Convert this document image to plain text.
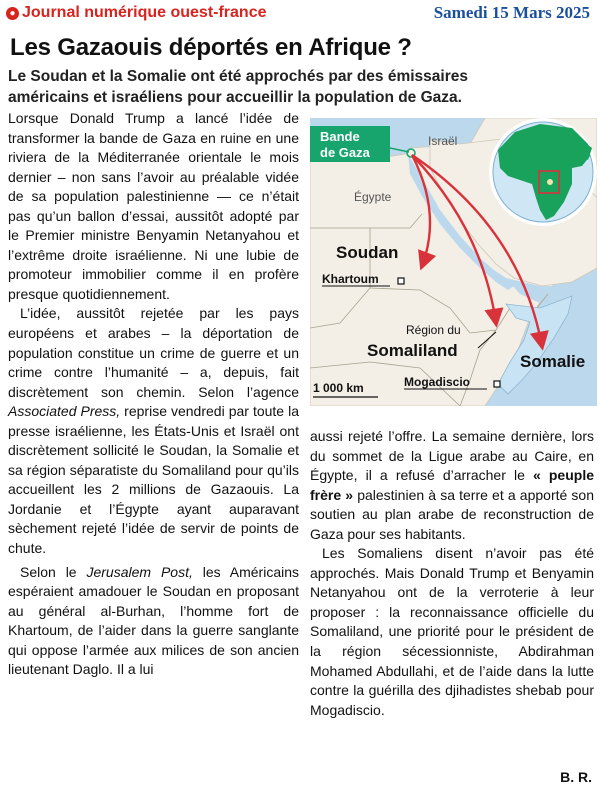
● Journal numérique ouest-france	Samedi 15 Mars 2025
Les Gazaouis déportés en Afrique ?
Le Soudan et la Somalie ont été approchés par des émissaires
américains et israéliens pour accueillir la population de Gaza.

Lorsque Donald Trump a lancé l’idée de transformer la bande de Gaza en ruine en une riviera de la Méditerranée orientale le mois dernier – non sans l’avoir au préalable vidée de sa population palestinienne — ce n’était pas qu’un ballon d’essai, aussitôt adopté par le Premier ministre Benyamin Netanyahou et l’extrême droite israélienne. Ni une lubie de promoteur immobilier comme il en profère presque quotidiennement.

L’idée, aussitôt rejetée par les pays européens et arabes – la déportation de population constitue un crime de guerre et un crime contre l’humanité – a, depuis, fait discrètement son chemin. Selon l’agence Associated Press, reprise vendredi par toute la presse israélienne, les États-Unis et Israël ont discrètement sollicité le Soudan, la Somalie et sa région séparatiste du Somaliland pour qu’ils accueillent les 2 millions de Gazaouis. La Jordanie et l’Égypte ayant auparavant sèchement rejeté l’idée de servir de points de chute.

Selon le Jerusalem Post, les Américains espéraient amadouer le Soudan en proposant au général al-Burhan, l’homme fort de Khartoum, de l’aider dans la guerre sanglante qui oppose l’armée aux milices de son ancien lieutenant Daglo. Il a lui

Bande
de Gaza
Israël
Égypte
Soudan
Khartoum
Région du
Somaliland
Somalie
Mogadiscio
1 000 km

aussi rejeté l’offre. La semaine dernière, lors du sommet de la Ligue arabe au Caire, en Égypte, il a refusé d’arracher le « peuple frère » palestinien à sa terre et a apporté son soutien au plan arabe de reconstruction de Gaza pour ses habitants.

Les Somaliens disent n’avoir pas été approchés. Mais Donald Trump et Benyamin Netanyahou ont de la verroterie à leur proposer : la reconnaissance officielle du Somaliland, une priorité pour le président de la région sécessionniste, Abdirahman Mohamed Abdullahi, et de l’aide dans la lutte contre la guérilla des djihadistes shebab pour Mogadiscio.

B. R.
